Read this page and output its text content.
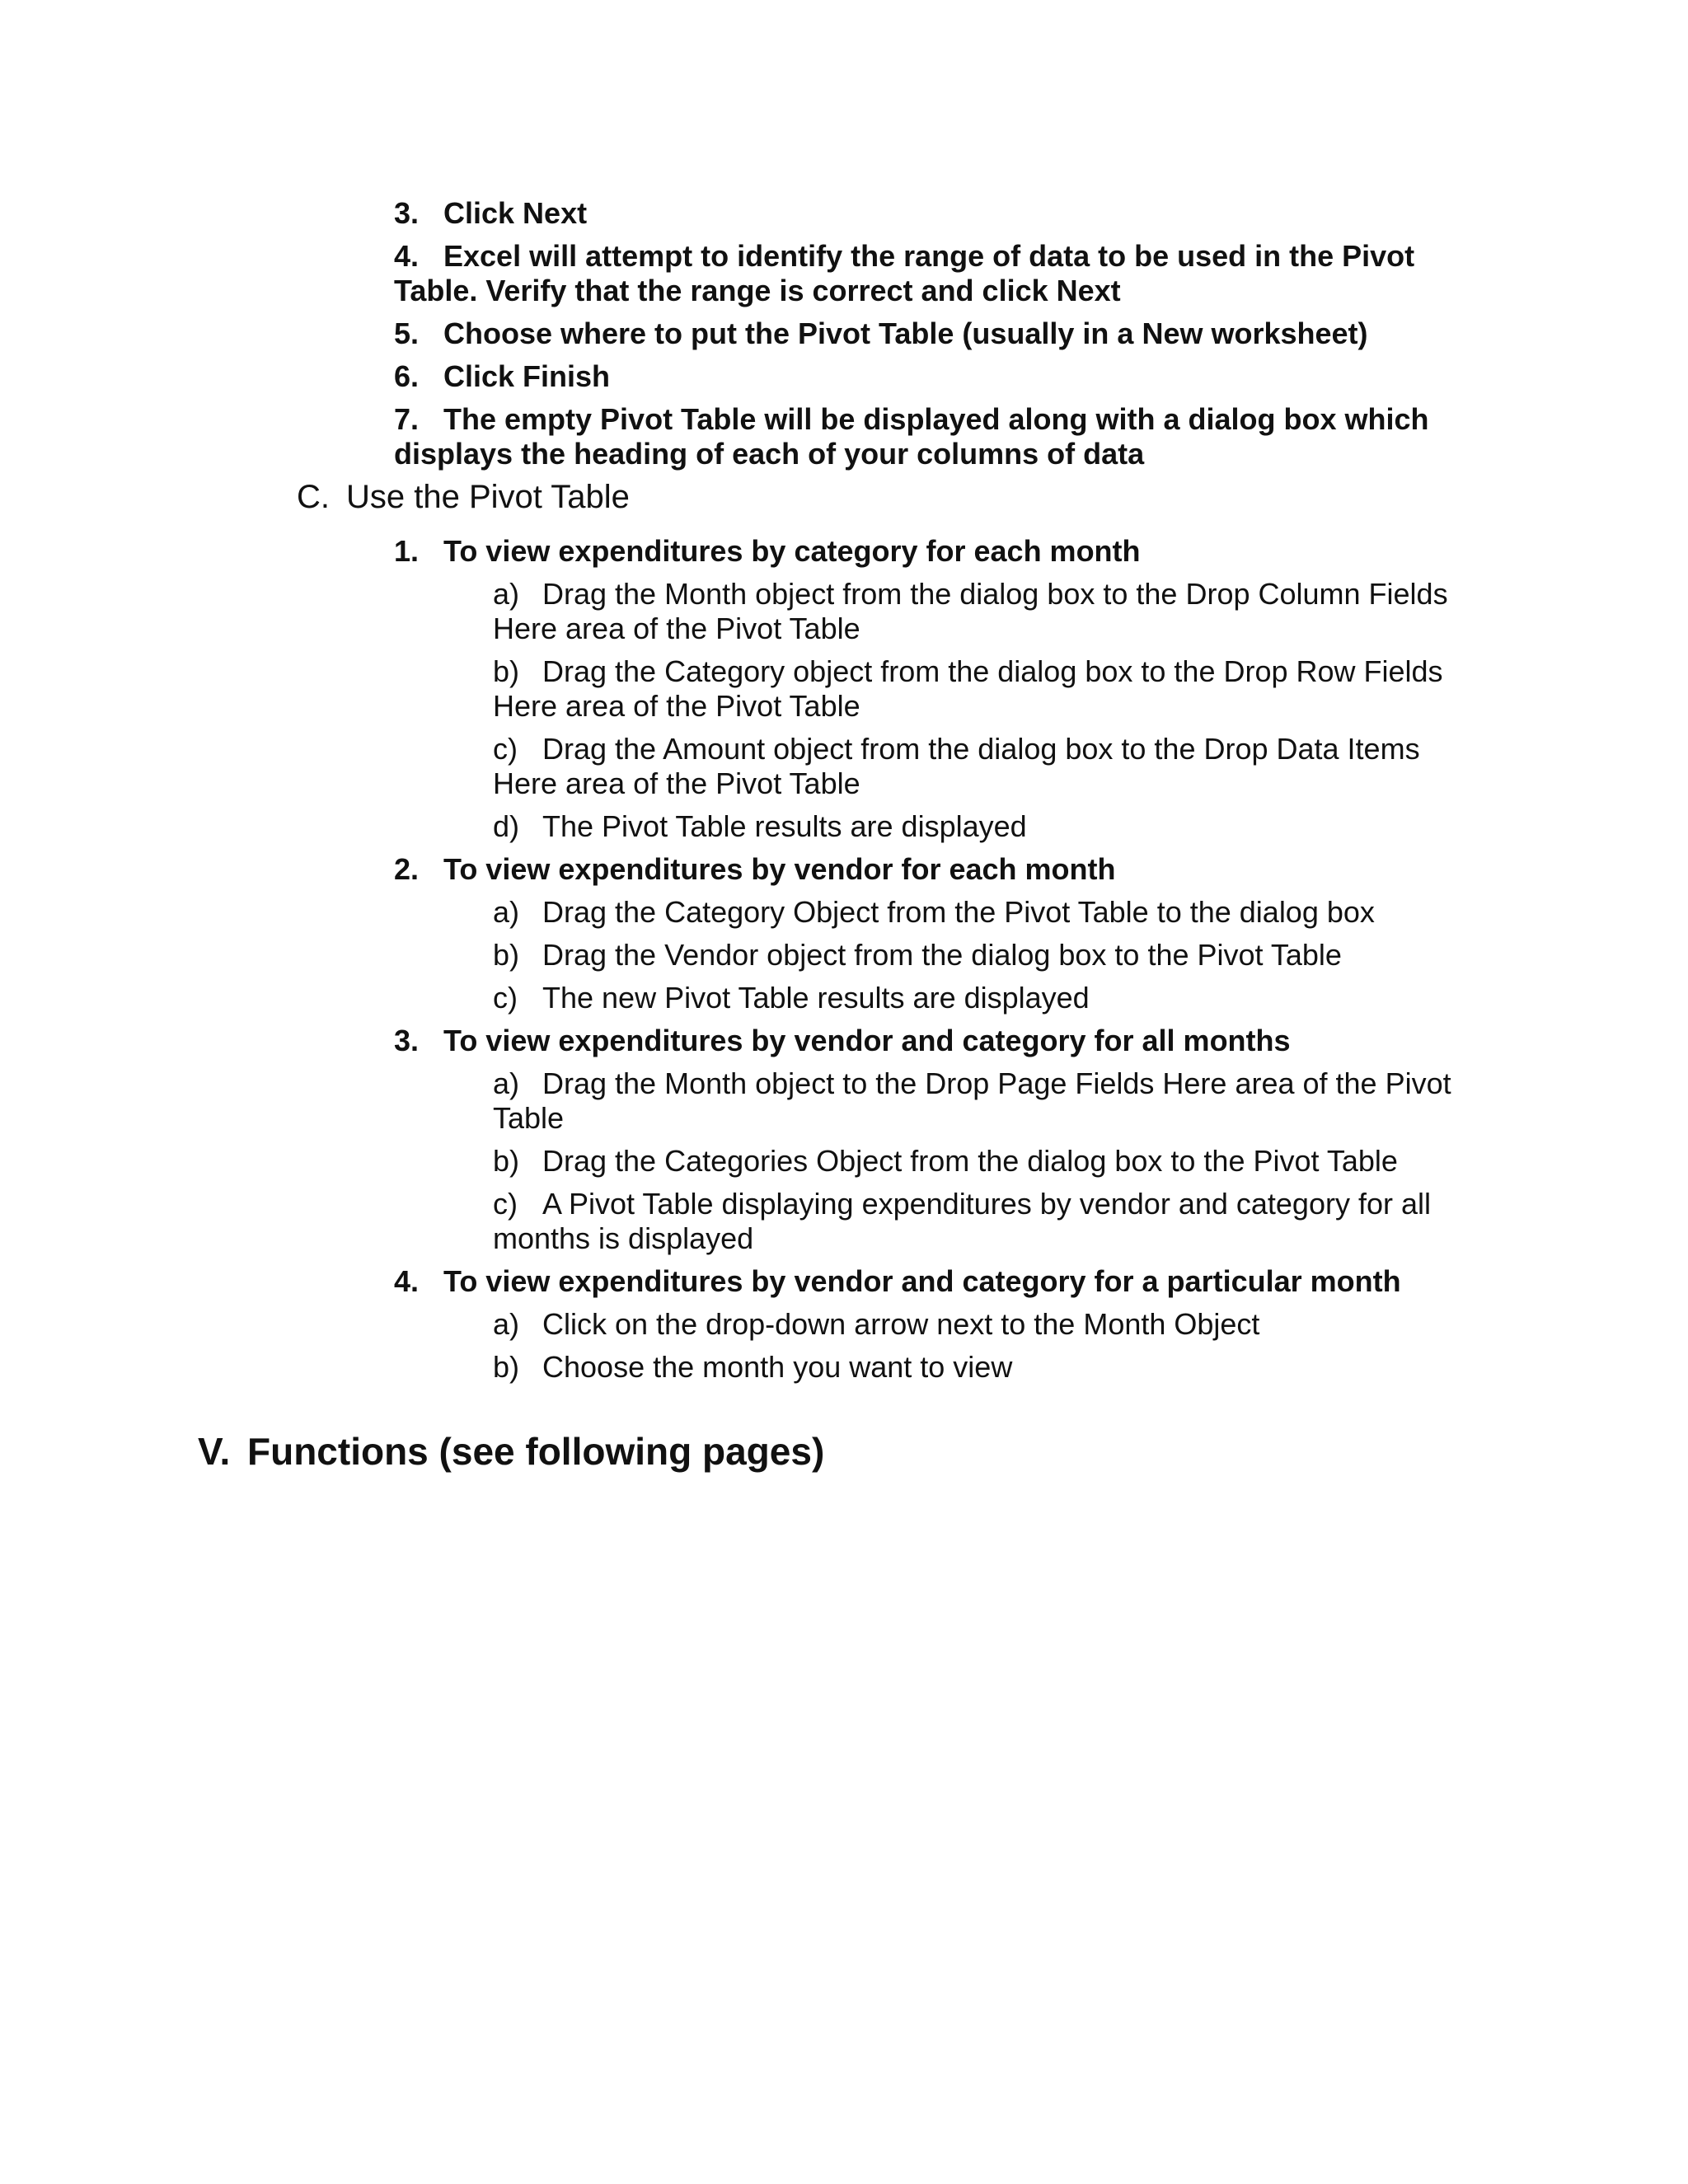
3. Click Next

4. Excel will attempt to identify the range of data to be used in the Pivot

Table. Verify that the range is correct and click Next

5. Choose where to put the Pivot Table (usually in a New worksheet)

6. Click Finish

7. The empty Pivot Table will be displayed along with a dialog box which

displays the heading of each of your columns of data

C. Use the Pivot Table

1. To view expenditures by category for each month

a) Drag the Month object from the dialog box to the Drop Column Fields

Here area of the Pivot Table

b) Drag the Category object from the dialog box to the Drop Row Fields

Here area of the Pivot Table

c) Drag the Amount object from the dialog box to the Drop Data Items

Here area of the Pivot Table

d) The Pivot Table results are displayed

2. To view expenditures by vendor for each month

a) Drag the Category Object from the Pivot Table to the dialog box

b) Drag the Vendor object from the dialog box to the Pivot Table

c) The new Pivot Table results are displayed

3. To view expenditures by vendor and category for all months

a) Drag the Month object to the Drop Page Fields Here area of the Pivot

Table

b) Drag the Categories Object from the dialog box to the Pivot Table

c) A Pivot Table displaying expenditures by vendor and category for all

months is displayed

4. To view expenditures by vendor and category for a particular month

a) Click on the drop-down arrow next to the Month Object

b) Choose the month you want to view

V. Functions (see following pages)
